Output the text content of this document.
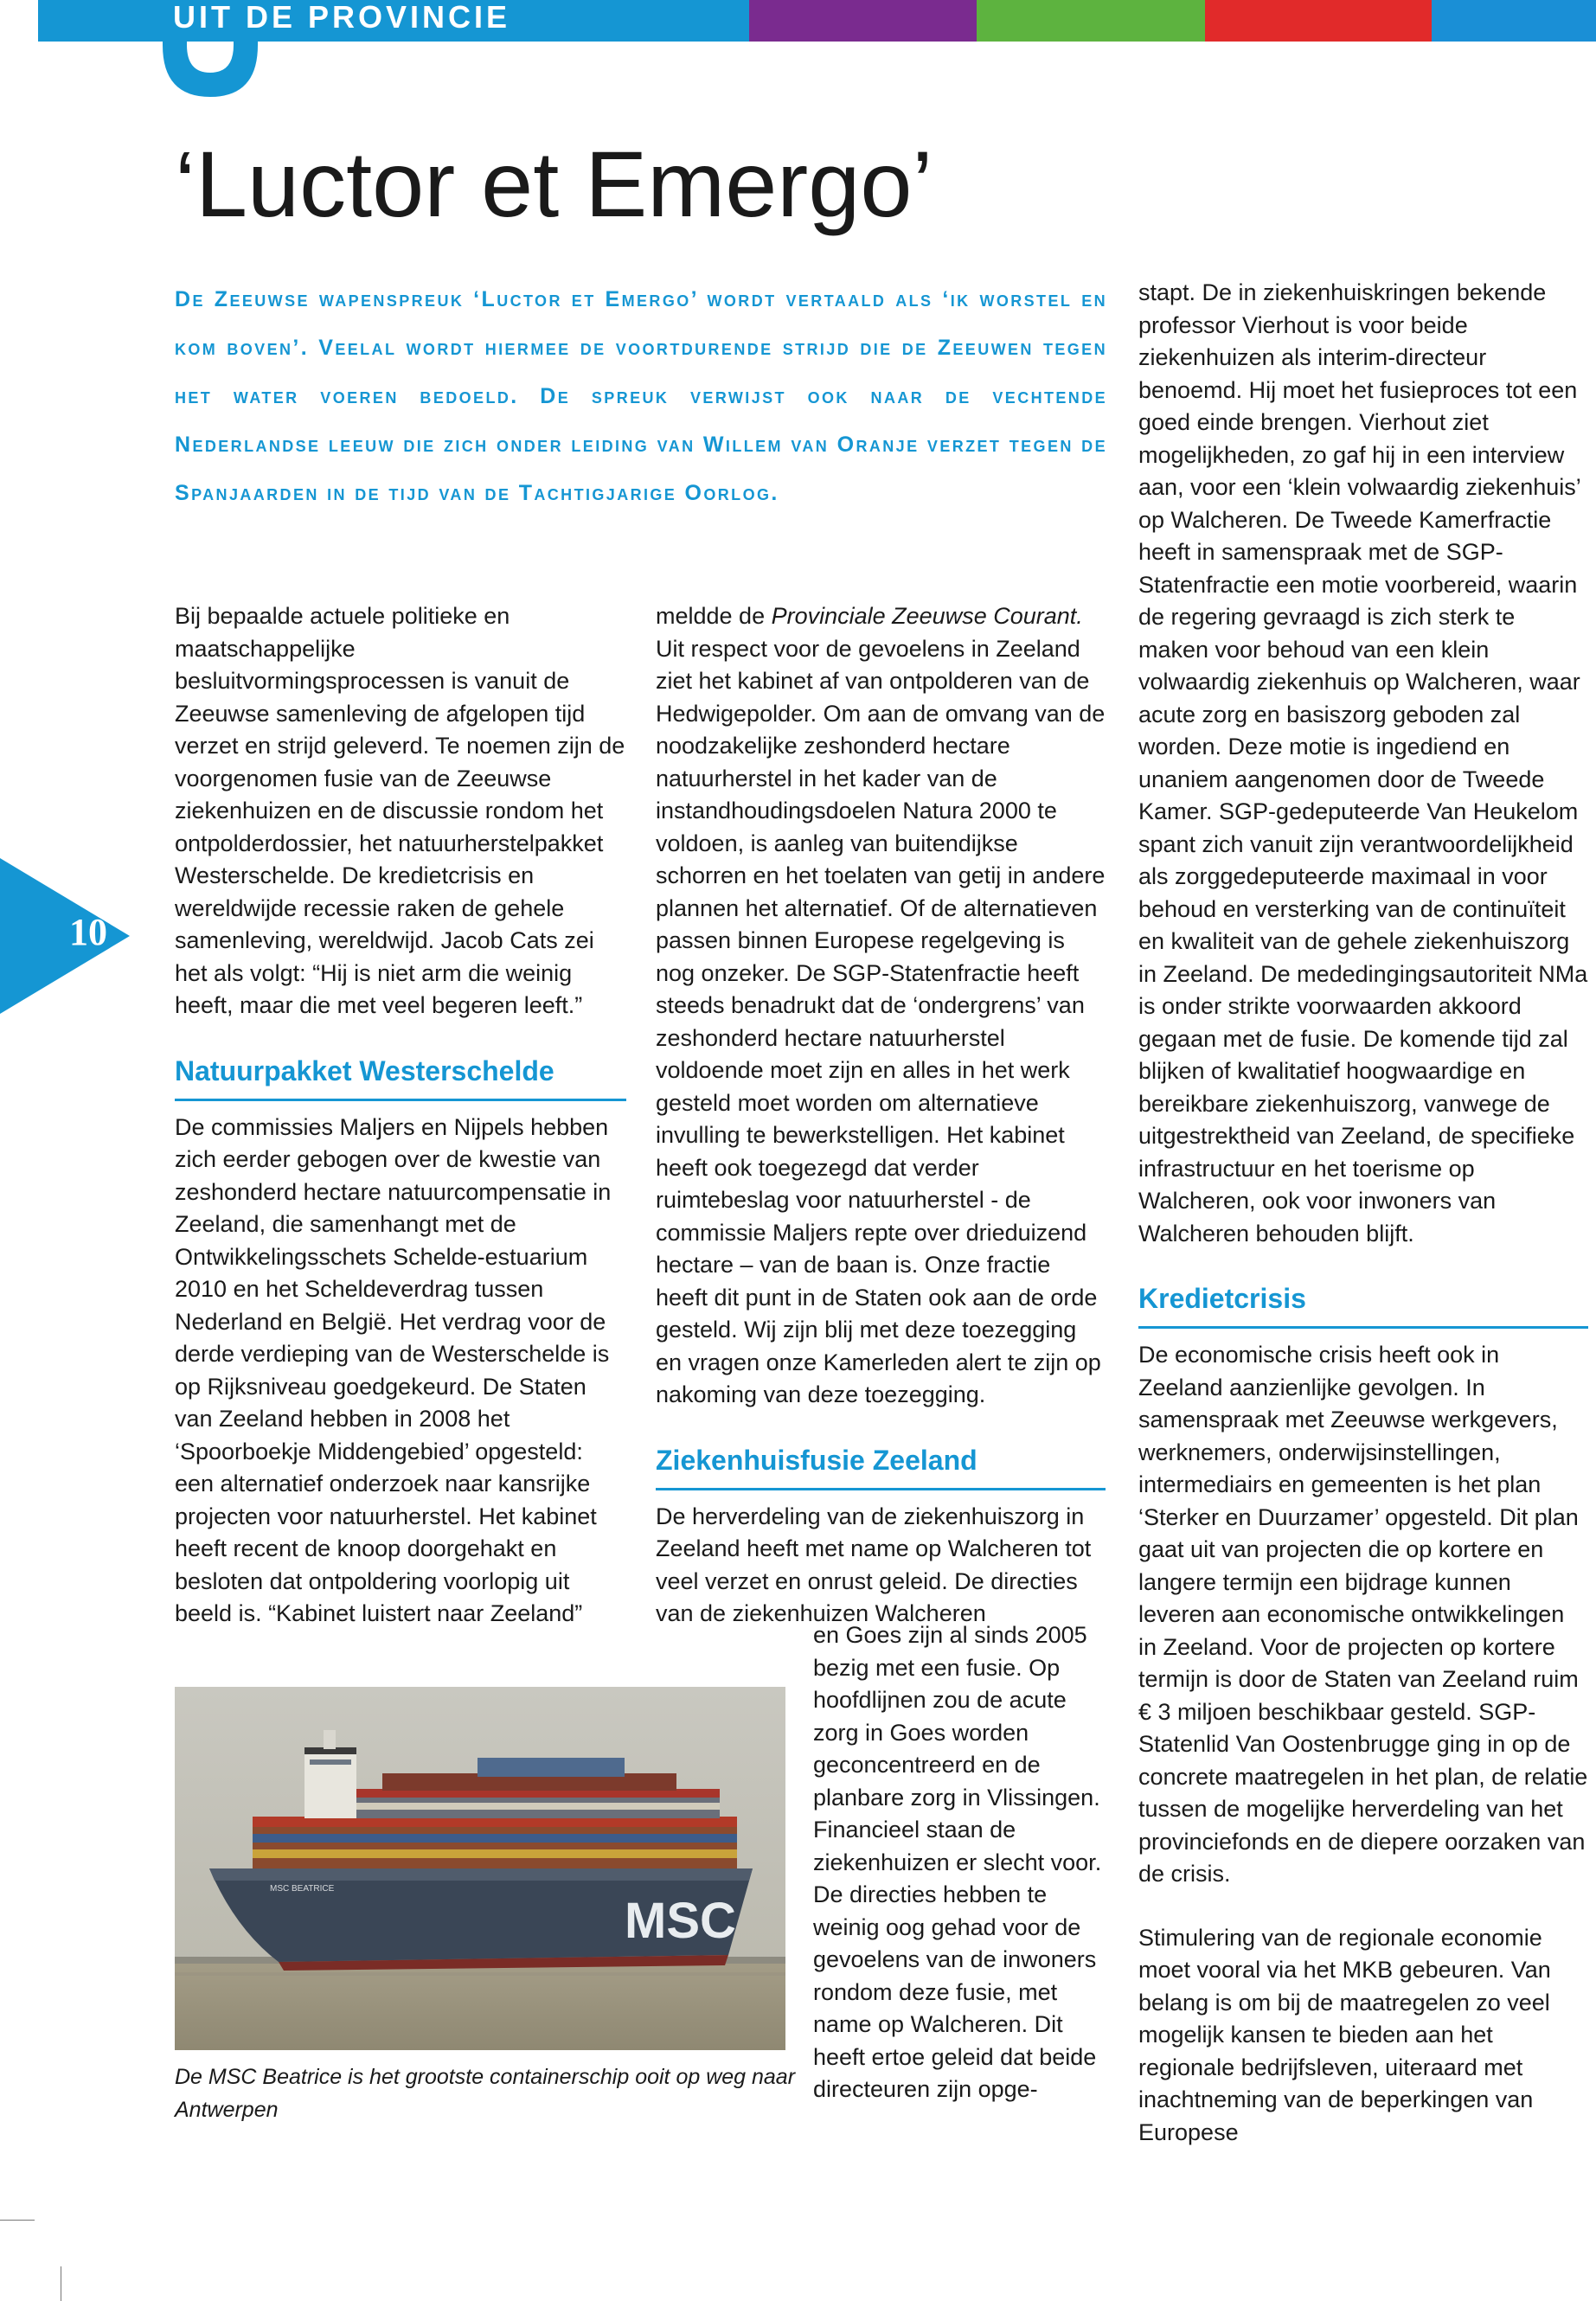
UIT DE PROVINCIE
‘Luctor et Emergo’

De Zeeuwse wapenspreuk ‘Luctor et Emergo’ wordt vertaald als ‘ik worstel en kom boven’. Veelal wordt hiermee de voortdurende strijd die de Zeeuwen tegen het water voeren bedoeld. De spreuk verwijst ook naar de vechtende Nederlandse leeuw die zich onder leiding van Willem van Oranje verzet tegen de Spanjaarden in de tijd van de Tachtigjarige Oorlog.

10

Bij bepaalde actuele politieke en maatschappelijke besluitvormingsprocessen is vanuit de Zeeuwse samenleving de afgelopen tijd verzet en strijd geleverd. Te noemen zijn de voorgenomen fusie van de Zeeuwse ziekenhuizen en de discussie rondom het ontpolderdossier, het natuurherstelpakket Westerschelde. De kredietcrisis en wereldwijde recessie raken de gehele samenleving, wereldwijd. Jacob Cats zei het als volgt: “Hij is niet arm die weinig heeft, maar die met veel begeren leeft.”

Natuurpakket Westerschelde

De commissies Maljers en Nijpels hebben zich eerder gebogen over de kwestie van zeshonderd hectare natuurcompensatie in Zeeland, die samenhangt met de Ontwikkelingsschets Schelde-estuarium 2010 en het Scheldeverdrag tussen Nederland en België. Het verdrag voor de derde verdieping van de Westerschelde is op Rijksniveau goedgekeurd. De Staten van Zeeland hebben in 2008 het ‘Spoorboekje Middengebied’ opgesteld: een alternatief onderzoek naar kansrijke projecten voor natuurherstel. Het kabinet heeft recent de knoop doorgehakt en besloten dat ontpoldering voorlopig uit beeld is. “Kabinet luistert naar Zeeland”

MSC
MSC BEATRICE
De MSC Beatrice is het grootste containerschip ooit op weg naar Antwerpen

meldde de Provinciale Zeeuwse Courant. Uit respect voor de gevoelens in Zeeland ziet het kabinet af van ontpolderen van de Hedwigepolder. Om aan de omvang van de noodzakelijke zeshonderd hectare natuurherstel in het kader van de instandhoudingsdoelen Natura 2000 te voldoen, is aanleg van buitendijkse schorren en het toelaten van getij in andere plannen het alternatief. Of de alternatieven passen binnen Europese regelgeving is nog onzeker. De SGP-Statenfractie heeft steeds benadrukt dat de ‘ondergrens’ van zeshonderd hectare natuurherstel voldoende moet zijn en alles in het werk gesteld moet worden om alternatieve invulling te bewerkstelligen. Het kabinet heeft ook toegezegd dat verder ruimtebeslag voor natuurherstel - de commissie Maljers repte over drieduizend hectare – van de baan is. Onze fractie heeft dit punt in de Staten ook aan de orde gesteld. Wij zijn blij met deze toezegging en vragen onze Kamerleden alert te zijn op nakoming van deze toezegging.

Ziekenhuisfusie Zeeland

De herverdeling van de ziekenhuiszorg in Zeeland heeft met name op Walcheren tot veel verzet en onrust geleid. De directies van de ziekenhuizen Walcheren

en Goes zijn al sinds 2005 bezig met een fusie. Op hoofdlijnen zou de acute zorg in Goes worden geconcentreerd en de planbare zorg in Vlissingen. Financieel staan de ziekenhuizen er slecht voor. De directies hebben te weinig oog gehad voor de gevoelens van de inwoners rondom deze fusie, met name op Walcheren. Dit heeft ertoe geleid dat beide directeuren zijn opge-

stapt. De in ziekenhuiskringen bekende professor Vierhout is voor beide ziekenhuizen als interim-directeur benoemd. Hij moet het fusieproces tot een goed einde brengen. Vierhout ziet mogelijkheden, zo gaf hij in een interview aan, voor een ‘klein volwaardig ziekenhuis’ op Walcheren. De Tweede Kamerfractie heeft in samenspraak met de SGP-Statenfractie een motie voorbereid, waarin de regering gevraagd is zich sterk te maken voor behoud van een klein volwaardig ziekenhuis op Walcheren, waar acute zorg en basiszorg geboden zal worden. Deze motie is ingediend en unaniem aangenomen door de Tweede Kamer. SGP-gedeputeerde Van Heukelom spant zich vanuit zijn verantwoordelijkheid als zorggedeputeerde maximaal in voor behoud en versterking van de continuïteit en kwaliteit van de gehele ziekenhuiszorg in Zeeland. De mededingingsautoriteit NMa is onder strikte voorwaarden akkoord gegaan met de fusie. De komende tijd zal blijken of kwalitatief hoogwaardige en bereikbare ziekenhuiszorg, vanwege de uitgestrektheid van Zeeland, de specifieke infrastructuur en het toerisme op Walcheren, ook voor inwoners van Walcheren behouden blijft.

Kredietcrisis

De economische crisis heeft ook in Zeeland aanzienlijke gevolgen. In samenspraak met Zeeuwse werkgevers, werknemers, onderwijsinstellingen, intermediairs en gemeenten is het plan ‘Sterker en Duurzamer’ opgesteld. Dit plan gaat uit van projecten die op kortere en langere termijn een bijdrage kunnen leveren aan economische ontwikkelingen in Zeeland. Voor de projecten op kortere termijn is door de Staten van Zeeland ruim € 3 miljoen beschikbaar gesteld. SGP-Statenlid Van Oostenbrugge ging in op de concrete maatregelen in het plan, de relatie tussen de mogelijke herverdeling van het provinciefonds en de diepere oorzaken van de crisis.

Stimulering van de regionale economie moet vooral via het MKB gebeuren. Van belang is om bij de maatregelen zo veel mogelijk kansen te bieden aan het regionale bedrijfsleven, uiteraard met inachtneming van de beperkingen van Europese
